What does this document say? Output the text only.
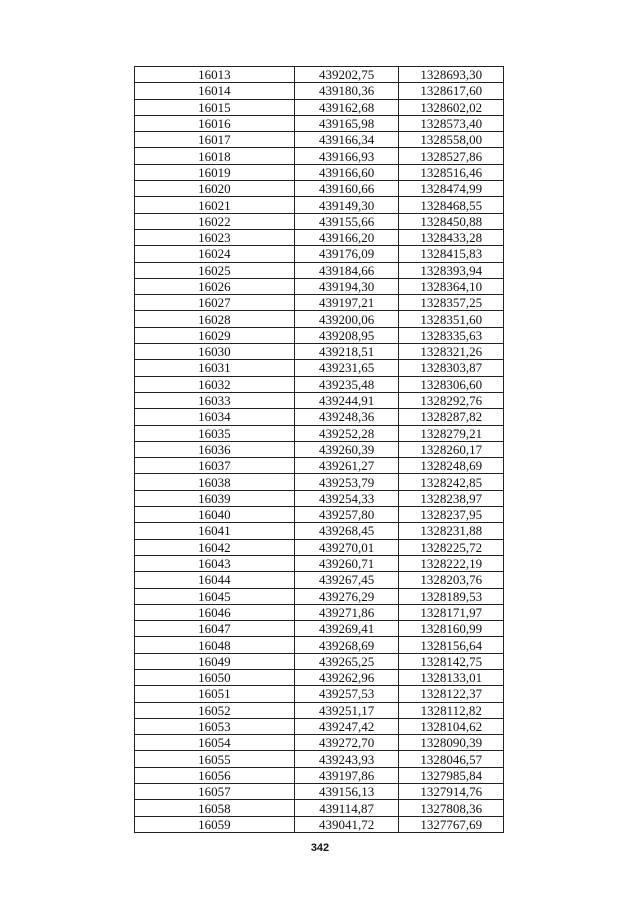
16013	439202,75	1328693,30
16014	439180,36	1328617,60
16015	439162,68	1328602,02
16016	439165,98	1328573,40
16017	439166,34	1328558,00
16018	439166,93	1328527,86
16019	439166,60	1328516,46
16020	439160,66	1328474,99
16021	439149,30	1328468,55
16022	439155,66	1328450,88
16023	439166,20	1328433,28
16024	439176,09	1328415,83
16025	439184,66	1328393,94
16026	439194,30	1328364,10
16027	439197,21	1328357,25
16028	439200,06	1328351,60
16029	439208,95	1328335,63
16030	439218,51	1328321,26
16031	439231,65	1328303,87
16032	439235,48	1328306,60
16033	439244,91	1328292,76
16034	439248,36	1328287,82
16035	439252,28	1328279,21
16036	439260,39	1328260,17
16037	439261,27	1328248,69
16038	439253,79	1328242,85
16039	439254,33	1328238,97
16040	439257,80	1328237,95
16041	439268,45	1328231,88
16042	439270,01	1328225,72
16043	439260,71	1328222,19
16044	439267,45	1328203,76
16045	439276,29	1328189,53
16046	439271,86	1328171,97
16047	439269,41	1328160,99
16048	439268,69	1328156,64
16049	439265,25	1328142,75
16050	439262,96	1328133,01
16051	439257,53	1328122,37
16052	439251,17	1328112,82
16053	439247,42	1328104,62
16054	439272,70	1328090,39
16055	439243,93	1328046,57
16056	439197,86	1327985,84
16057	439156,13	1327914,76
16058	439114,87	1327808,36
16059	439041,72	1327767,69
342
